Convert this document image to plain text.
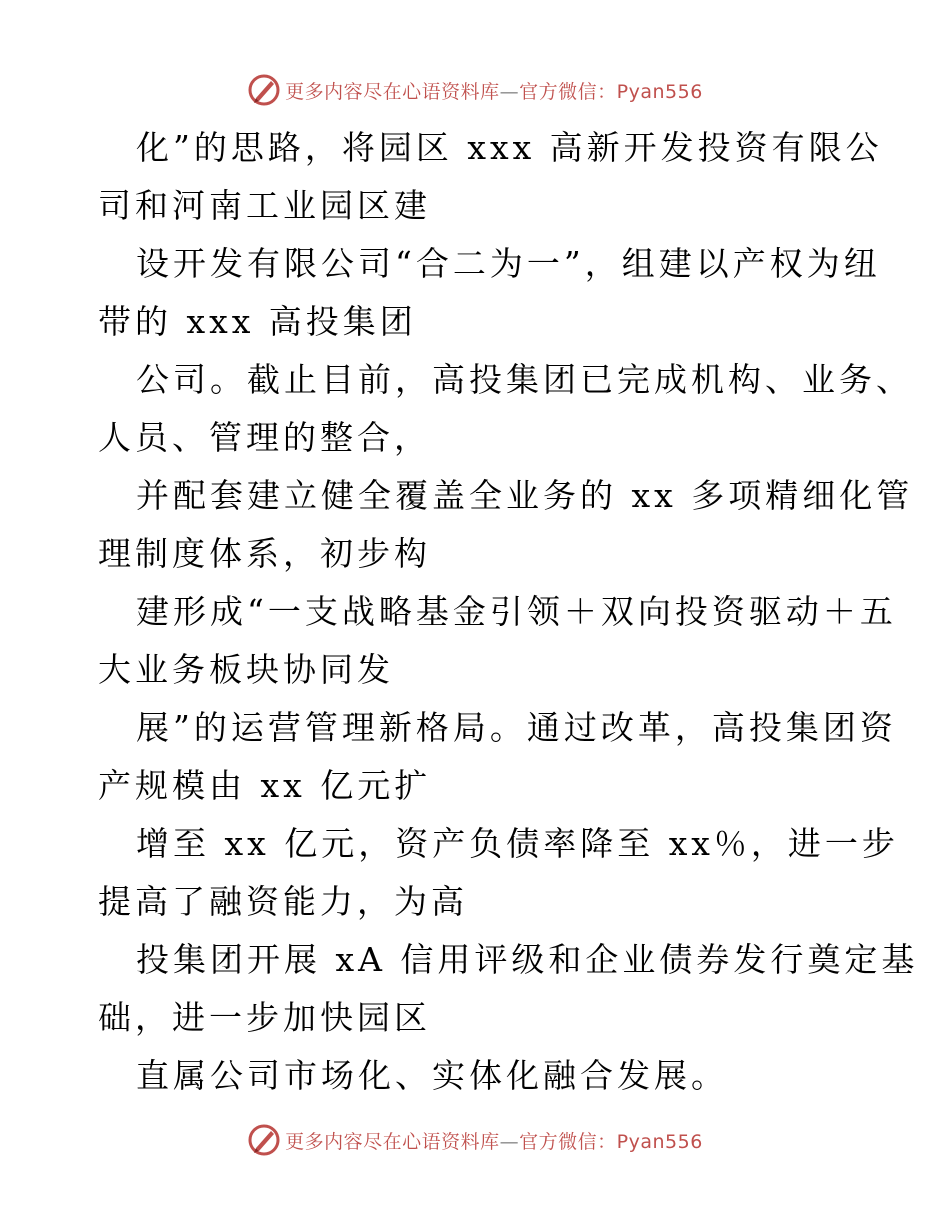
更多内容尽在心语资料库—官方微信：Pyan556
化”的思路，将园区 xxx 高新开发投资有限公
司和河南工业园区建
设开发有限公司“合二为一”，组建以产权为纽
带的 xxx 高投集团
公司。截止目前，高投集团已完成机构、业务、
人员、管理的整合，
并配套建立健全覆盖全业务的 xx 多项精细化管
理制度体系，初步构
建形成“一支战略基金引领＋双向投资驱动＋五
大业务板块协同发
展”的运营管理新格局。通过改革，高投集团资
产规模由 xx 亿元扩
增至 xx 亿元，资产负债率降至 xx％，进一步
提高了融资能力，为高
投集团开展 xA 信用评级和企业债券发行奠定基
础，进一步加快园区
直属公司市场化、实体化融合发展。
更多内容尽在心语资料库—官方微信：Pyan556
